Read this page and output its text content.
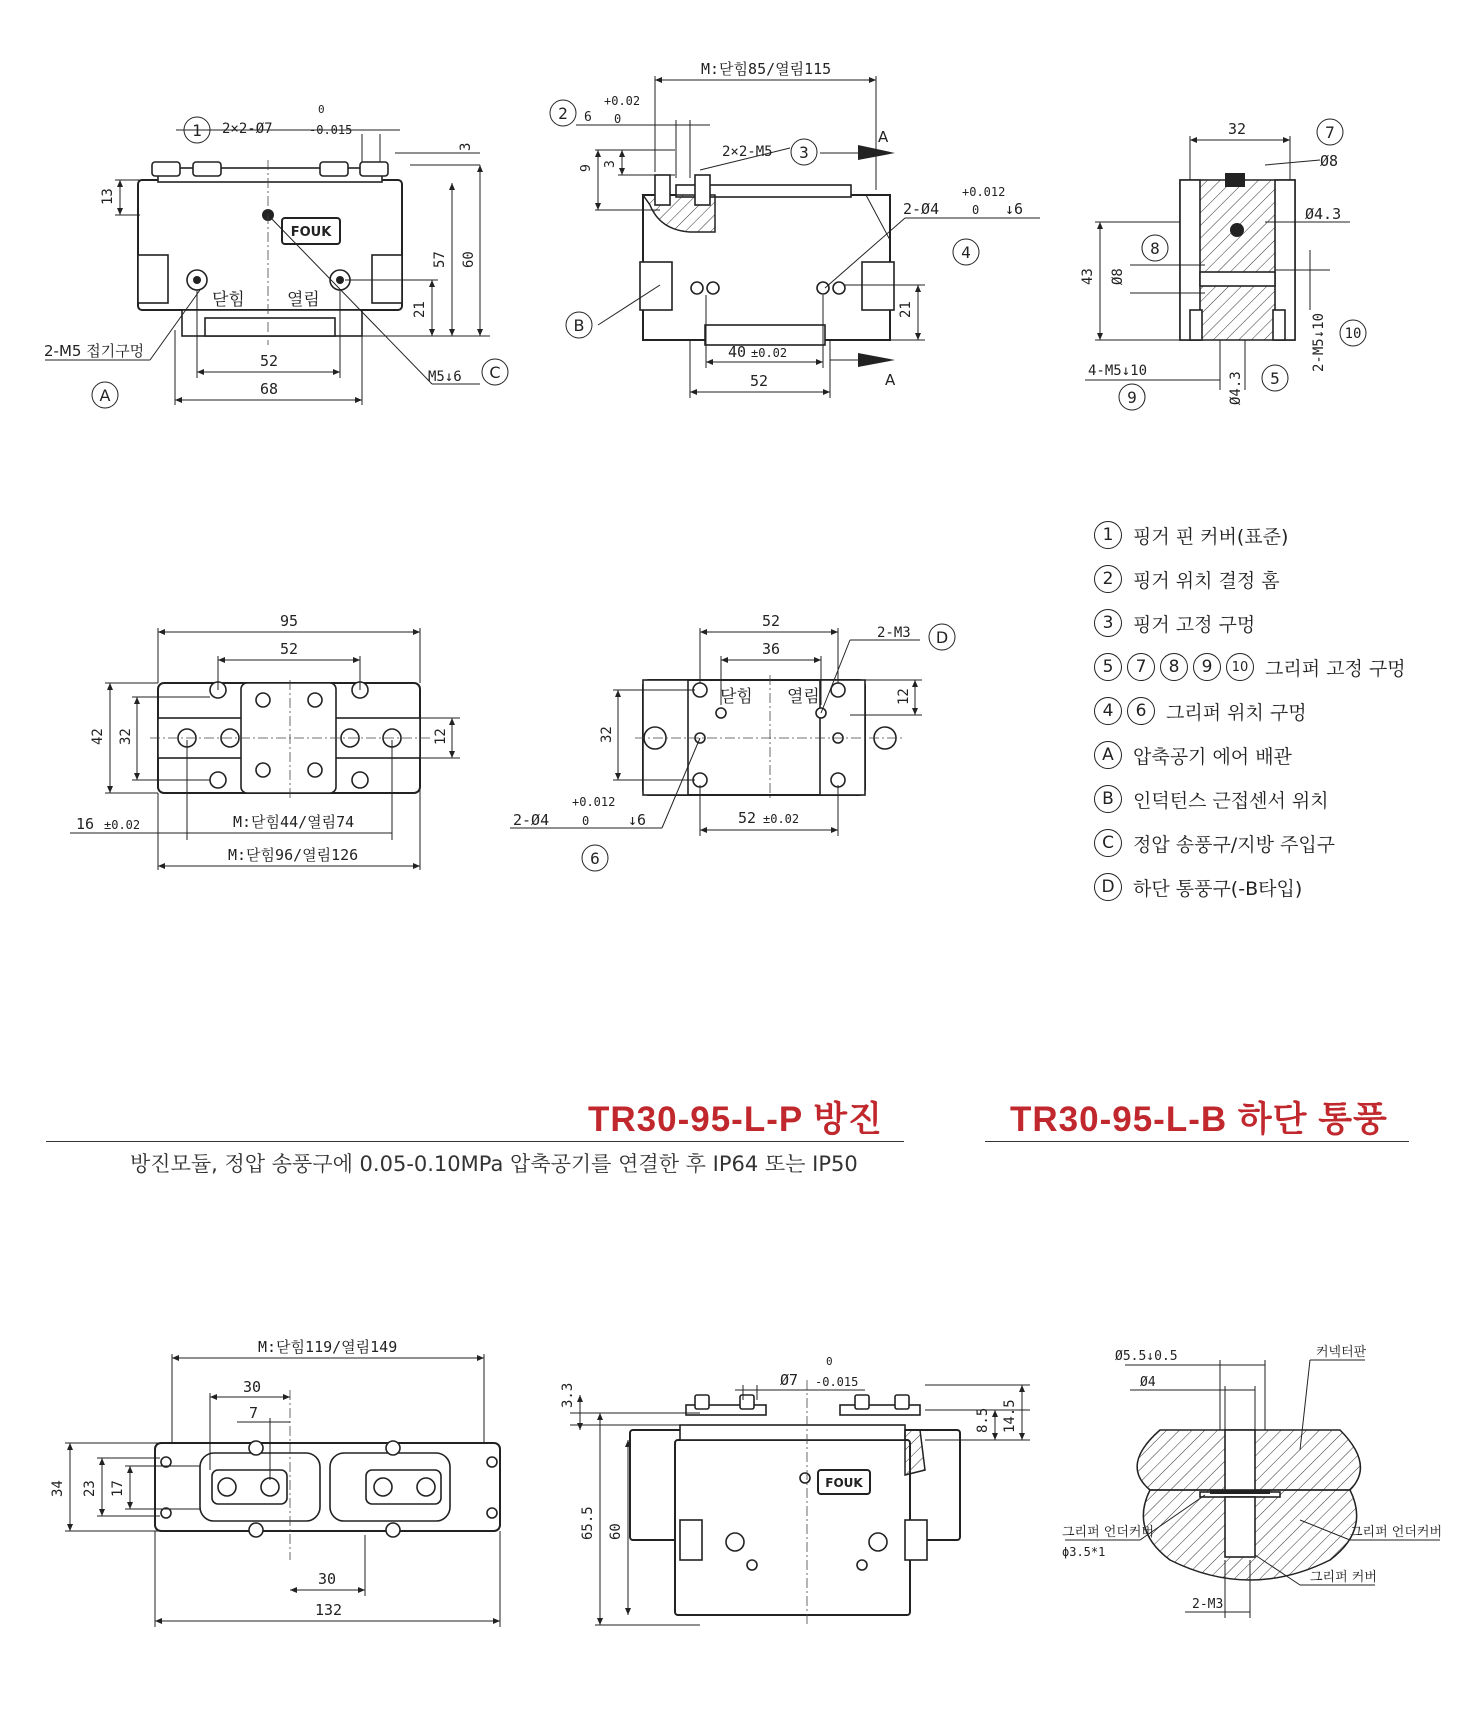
FOUK
2×2-Ø7
0
-0.015
3
13
57 60
21
닫힘 열림
52
68
2-M5 접기구멍
M5↓6
M:닫힘85/열림115
6
+0.02
0
9
3
2×2-M5
A
2-Ø4
+0.012
0 ↓6
40 ±0.02
52
21
A
32
Ø8
Ø4.3
43 Ø8
2-M5↓10
4-M5↓10
Ø4.3
95
52
42 32	12
16 ±0.02	M:닫힘44/열림74
M:닫힘96/열림126
52
36
2-M3
12
32
닫힘 열림
2-Ø4
+0.012
0	↓6	52 ±0.02
M:닫힘119/열림149
30
7
34 23 17
30
132
FOUK
3.3
65.5 60
Ø7
0
-0.015
8.5 14.5
Ø5.5↓0.5
Ø4
커넥터판
그리퍼 언더커버
ϕ3.5*1
그리퍼 언더커버
그리퍼 커버
2-M3
1
2
3
4
5
6
7
8
9
10
A
B
C
D
1	핑거 핀 커버(표준)
2	핑거 위치 결정 홈
3	핑거 고정 구멍
5	7	8	9	10 그리퍼 고정 구멍
4	6	그리퍼 위치 구멍
A	압축공기 에어 배관
B	인덕턴스 근접센서 위치
C	정압 송풍구/지방 주입구
D 하단 통풍구(-B타입)
TR30-95-L-P 방진
방진모듈, 정압 송풍구에 0.05-0.10MPa 압축공기를 연결한 후 IP64 또는 IP50
TR30-95-L-B 하단 통풍
